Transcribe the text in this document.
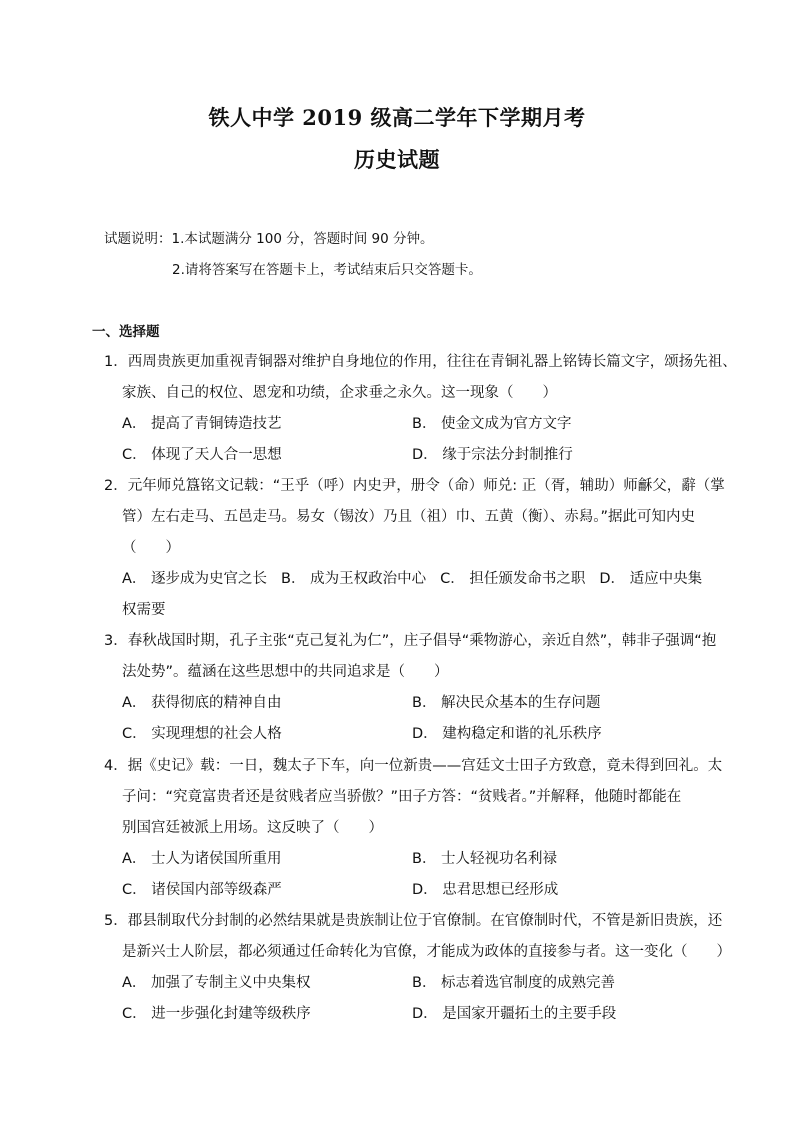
铁人中学 2019 级高二学年下学期月考
历史试题
试题说明：1.本试题满分 100 分，答题时间 90 分钟。
2.请将答案写在答题卡上，考试结束后只交答题卡。
一、选择题
1．西周贵族更加重视青铜器对维护自身地位的作用，往往在青铜礼器上铭铸长篇文字，颂扬先祖、
家族、自己的权位、恩宠和功绩，企求垂之永久。这一现象（　　）
A． 提高了青铜铸造技艺	B． 使金文成为官方文字
C． 体现了天人合一思想	D． 缘于宗法分封制推行
2．元年师兑簋铭文记载：“王乎（呼）内史尹，册令（命）师兑: 正（胥，辅助）师龢父，辭（掌
管）左右走马、五邑走马。易女（锡汝）乃且（祖）巾、五黄（衡）、赤舄。”据此可知内史
（　　）
A． 逐步成为史官之长 B． 成为王权政治中心 C． 担任颁发命书之职 D． 适应中央集
权需要
3．春秋战国时期，孔子主张“克己复礼为仁”，庄子倡导“乘物游心，亲近自然”，韩非子强调“抱
法处势”。蕴涵在这些思想中的共同追求是（　　）
A． 获得彻底的精神自由	B． 解决民众基本的生存问题
C． 实现理想的社会人格	D． 建构稳定和谐的礼乐秩序
4．据《史记》载：一日，魏太子下车，向一位新贵——宫廷文士田子方致意，竟未得到回礼。太
子问：“究竟富贵者还是贫贱者应当骄傲？”田子方答：“贫贱者。”并解释，他随时都能在
别国宫廷被派上用场。这反映了（　　）
A． 士人为诸侯国所重用	B． 士人轻视功名利禄
C． 诸侯国内部等级森严	D． 忠君思想已经形成
5．郡县制取代分封制的必然结果就是贵族制让位于官僚制。在官僚制时代，不管是新旧贵族，还
是新兴士人阶层，都必须通过任命转化为官僚，才能成为政体的直接参与者。这一变化（　　）
A． 加强了专制主义中央集权	B． 标志着选官制度的成熟完善
C． 进一步强化封建等级秩序	D． 是国家开疆拓土的主要手段
